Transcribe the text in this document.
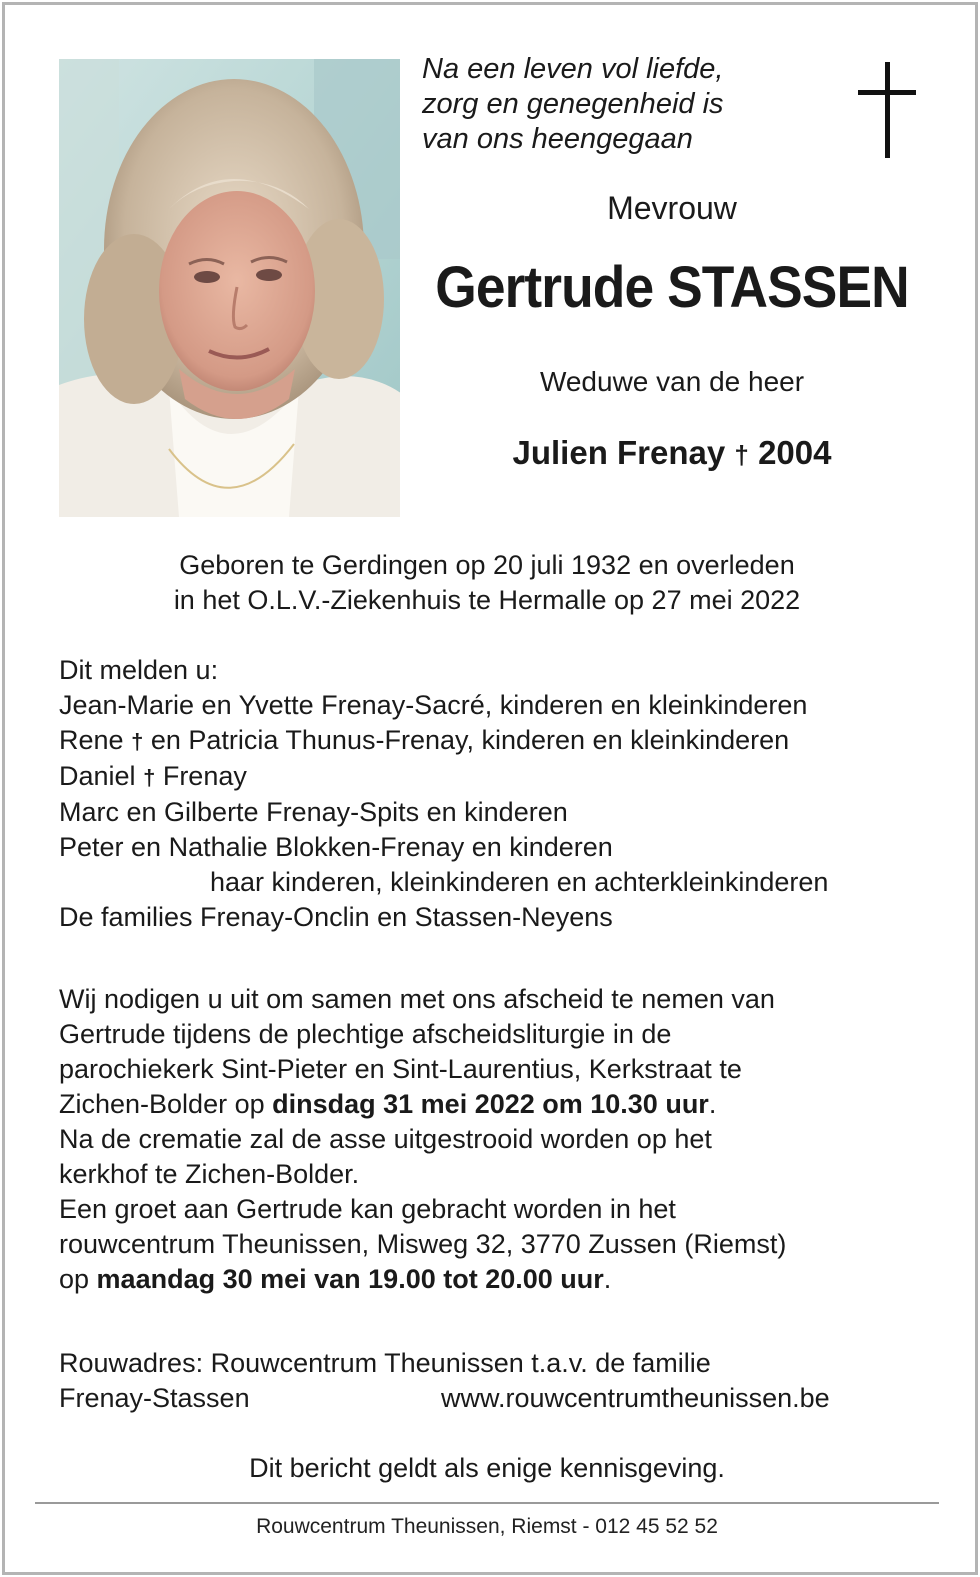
Na een leven vol liefde,
zorg en genegenheid is
van ons heengegaan
Mevrouw
Gertrude STASSEN
Weduwe van de heer
Julien Frenay † 2004
Geboren te Gerdingen op 20 juli 1932 en overleden
in het O.L.V.-Ziekenhuis te Hermalle op 27 mei 2022
Dit melden u:
Jean-Marie en Yvette Frenay-Sacré, kinderen en kleinkinderen
Rene † en Patricia Thunus-Frenay, kinderen en kleinkinderen
Daniel † Frenay
Marc en Gilberte Frenay-Spits en kinderen
Peter en Nathalie Blokken-Frenay en kinderen
haar kinderen, kleinkinderen en achterkleinkinderen
De families Frenay-Onclin en Stassen-Neyens
Wij nodigen u uit om samen met ons afscheid te nemen van
Gertrude tijdens de plechtige afscheidsliturgie in de
parochiekerk Sint-Pieter en Sint-Laurentius, Kerkstraat te
Zichen-Bolder op dinsdag 31 mei 2022 om 10.30 uur.
Na de crematie zal de asse uitgestrooid worden op het
kerkhof te Zichen-Bolder.
Een groet aan Gertrude kan gebracht worden in het
rouwcentrum Theunissen, Misweg 32, 3770 Zussen (Riemst)
op maandag 30 mei van 19.00 tot 20.00 uur.
Rouwadres: Rouwcentrum Theunissen t.a.v. de familie
Frenay-Stassen	www.rouwcentrumtheunissen.be
Dit bericht geldt als enige kennisgeving.
Rouwcentrum Theunissen, Riemst - 012 45 52 52
